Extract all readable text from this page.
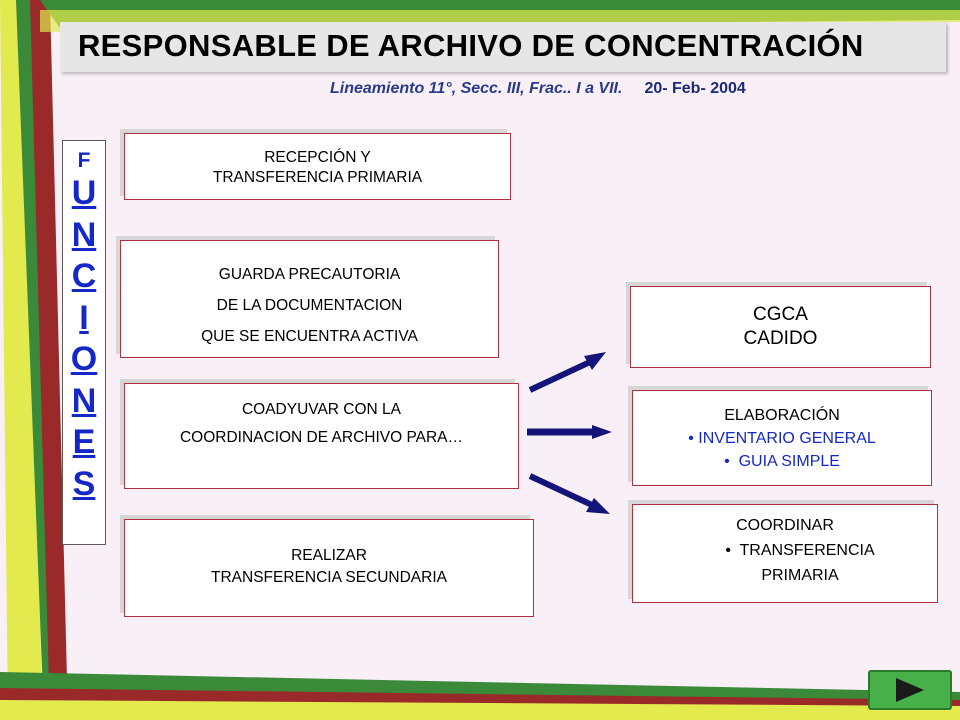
RESPONSABLE DE ARCHIVO DE CONCENTRACIÓN
Lineamiento 11°, Secc. III, Frac.. I a VII. 20- Feb- 2004
F
U
N
C
I
O
N
E
S
RECEPCIÓN Y
TRANSFERENCIA PRIMARIA
GUARDA PRECAUTORIA
DE LA DOCUMENTACION
QUE SE ENCUENTRA ACTIVA
COADYUVAR CON LA
COORDINACION DE ARCHIVO PARA…
REALIZAR
TRANSFERENCIA SECUNDARIA
CGCA
CADIDO
ELABORACIÓN
• INVENTARIO GENERAL
•  GUIA SIMPLE
COORDINAR
•  TRANSFERENCIA PRIMARIA
